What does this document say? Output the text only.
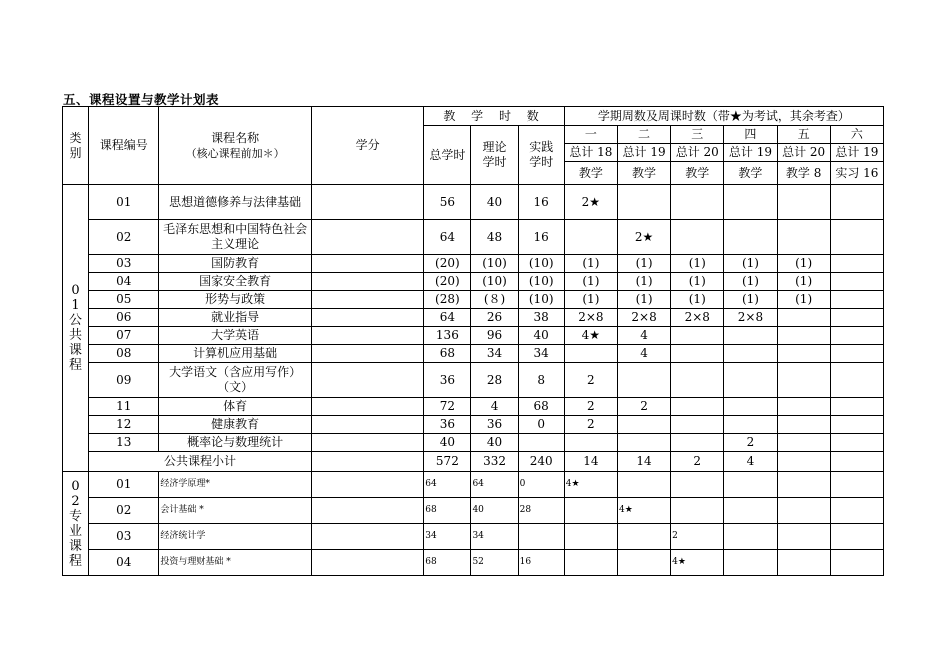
五、课程设置与教学计划表
类别	课程编号	课程名称
（核心课程前加＊）	学分	教 学 时 数			学期周数及周课时数（带★为考试，其余考查）					
				总学时	理论学时	实践学时	一	二	三	四	五	六
							总计 18	总计 19	总计 20	总计 19	总计 20	总计 19
							教学	教学	教学	教学	教学 8	实习 16
0 1 公 共 课 程	01	思想道德修养与法律基础		56	40	16	2★					
	02	毛泽东思想和中国特色社会主义理论		64	48	16		2★				
	03	国防教育		(20)	(10)	(10)	(1)	(1)	(1)	(1)	(1)	
	04	国家安全教育		(20)	(10)	(10)	(1)	(1)	(1)	(1)	(1)	
	05	形势与政策		(28)	(８)	(10)	(1)	(1)	(1)	(1)	(1)	
	06	就业指导		64	26	38	2×8	2×8	2×8	2×8		
	07	大学英语		136	96	40	4★	4				
	08	计算机应用基础		68	34	34		4				
	09	大学语文（含应用写作）（文）		36	28	8	2					
	11	体育		72	4	68	2	2				
	12	健康教育		36	36	0	2					
	13	概率论与数理统计		40	40					2		
	公共课程小计			572	332	240	14	14	2	4		
0 2 专 业 课 程	01	经济学原理*		64	64	0	4★					
	02	会计基础 *		68	40	28		4★				
	03	经济统计学		34	34				2			
	04	投资与理财基础 *		68	52	16			4★			
